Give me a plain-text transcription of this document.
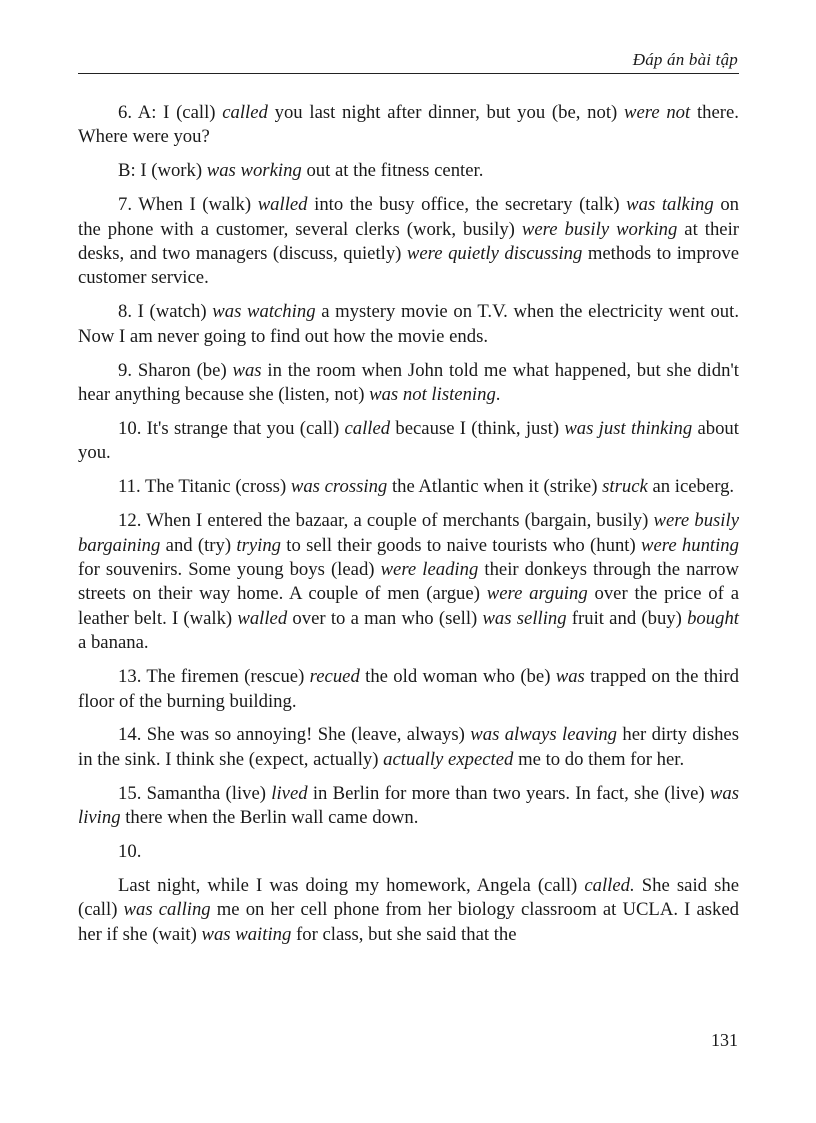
Đáp án bài tập

6. A: I (call) called you last night after dinner, but you (be, not) were not there. Where were you?

B: I (work) was working out at the fitness center.

7. When I (walk) walled into the busy office, the secretary (talk) was talking on the phone with a customer, several clerks (work, busily) were busily working at their desks, and two managers (discuss, quietly) were quietly discussing methods to improve customer service.

8. I (watch) was watching a mystery movie on T.V. when the electricity went out. Now I am never going to find out how the movie ends.

9. Sharon (be) was in the room when John told me what happened, but she didn't hear anything because she (listen, not) was not listening.

10. It's strange that you (call) called because I (think, just) was just thinking about you.

11. The Titanic (cross) was crossing the Atlantic when it (strike) struck an iceberg.

12. When I entered the bazaar, a couple of merchants (bargain, busily) were busily bargaining and (try) trying to sell their goods to naive tourists who (hunt) were hunting for souvenirs. Some young boys (lead) were leading their donkeys through the narrow streets on their way home. A couple of men (argue) were arguing over the price of a leather belt. I (walk) walled over to a man who (sell) was selling fruit and (buy) bought a banana.

13. The firemen (rescue) recued the old woman who (be) was trapped on the third floor of the burning building.

14. She was so annoying! She (leave, always) was always leaving her dirty dishes in the sink. I think she (expect, actually) actually expected me to do them for her.

15. Samantha (live) lived in Berlin for more than two years. In fact, she (live) was living there when the Berlin wall came down.

10.

Last night, while I was doing my homework, Angela (call) called. She said she (call) was calling me on her cell phone from her biology classroom at UCLA. I asked her if she (wait) was waiting for class, but she said that the

131
